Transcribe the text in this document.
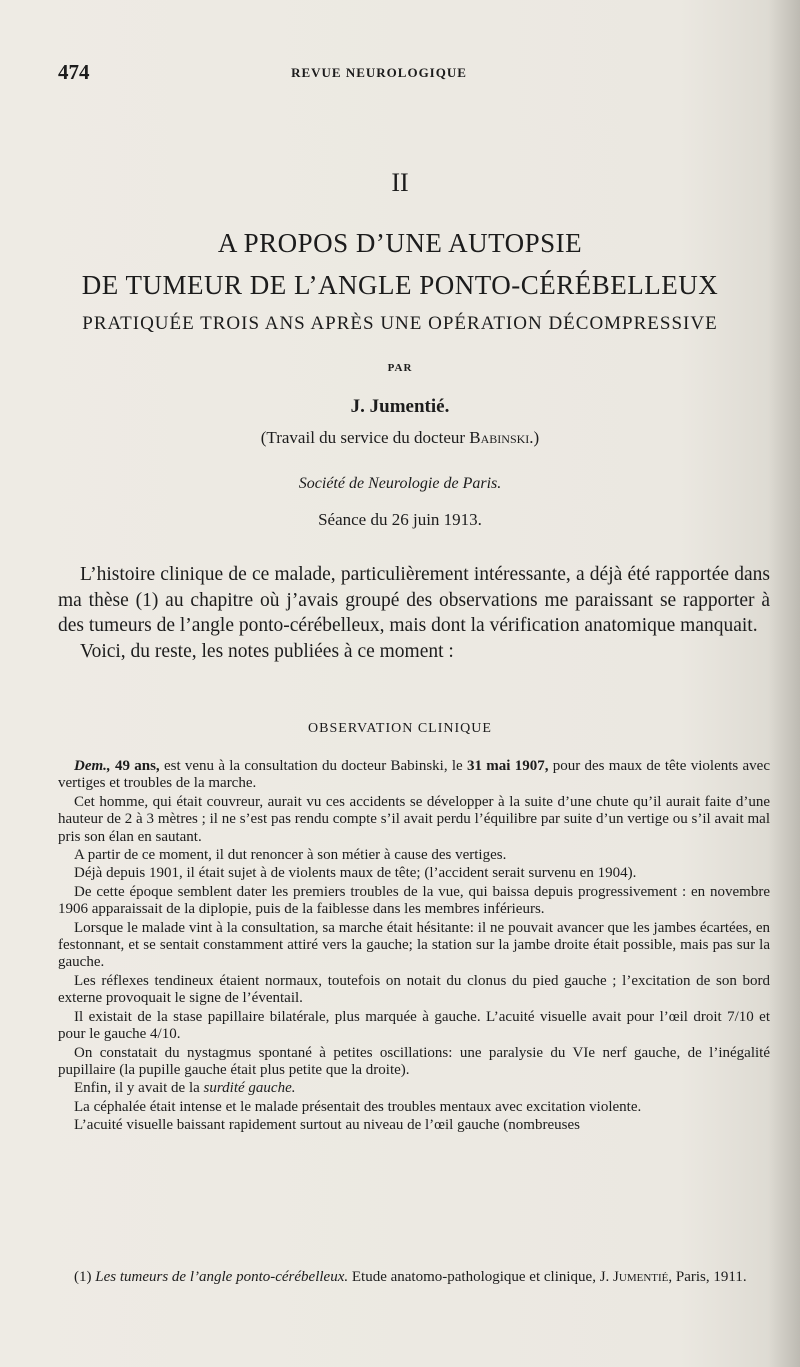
474	REVUE NEUROLOGIQUE
II
A PROPOS D’UNE AUTOPSIE
DE TUMEUR DE L’ANGLE PONTO-CÉRÉBELLEUX
PRATIQUÉE TROIS ANS APRÈS UNE OPÉRATION DÉCOMPRESSIVE
PAR
J. Jumentié.
(Travail du service du docteur Babinski.)
Société de Neurologie de Paris.
Séance du 26 juin 1913.

L’histoire clinique de ce malade, particulièrement intéressante, a déjà été rapportée dans ma thèse (1) au chapitre où j’avais groupé des observations me paraissant se rapporter à des tumeurs de l’angle ponto-cérébelleux, mais dont la vérification anatomique manquait.

Voici, du reste, les notes publiées à ce moment :

OBSERVATION CLINIQUE

Dem., 49 ans, est venu à la consultation du docteur Babinski, le 31 mai 1907, pour des maux de tête violents avec vertiges et troubles de la marche.

Cet homme, qui était couvreur, aurait vu ces accidents se développer à la suite d’une chute qu’il aurait faite d’une hauteur de 2 à 3 mètres ; il ne s’est pas rendu compte s’il avait perdu l’équilibre par suite d’un vertige ou s’il avait mal pris son élan en sautant.

A partir de ce moment, il dut renoncer à son métier à cause des vertiges.

Déjà depuis 1901, il était sujet à de violents maux de tête; (l’accident serait survenu en 1904).

De cette époque semblent dater les premiers troubles de la vue, qui baissa depuis progressivement : en novembre 1906 apparaissait de la diplopie, puis de la faiblesse dans les membres inférieurs.

Lorsque le malade vint à la consultation, sa marche était hésitante: il ne pouvait avancer que les jambes écartées, en festonnant, et se sentait constamment attiré vers la gauche; la station sur la jambe droite était possible, mais pas sur la gauche.

Les réflexes tendineux étaient normaux, toutefois on notait du clonus du pied gauche ; l’excitation de son bord externe provoquait le signe de l’éventail.

Il existait de la stase papillaire bilatérale, plus marquée à gauche. L’acuité visuelle avait pour l’œil droit 7/10 et pour le gauche 4/10.

On constatait du nystagmus spontané à petites oscillations: une paralysie du VIe nerf gauche, de l’inégalité pupillaire (la pupille gauche était plus petite que la droite).

Enfin, il y avait de la surdité gauche.

La céphalée était intense et le malade présentait des troubles mentaux avec excitation violente.

L’acuité visuelle baissant rapidement surtout au niveau de l’œil gauche (nombreuses

(1) Les tumeurs de l’angle ponto-cérébelleux. Etude anatomo-pathologique et clinique, J. Jumentié, Paris, 1911.
